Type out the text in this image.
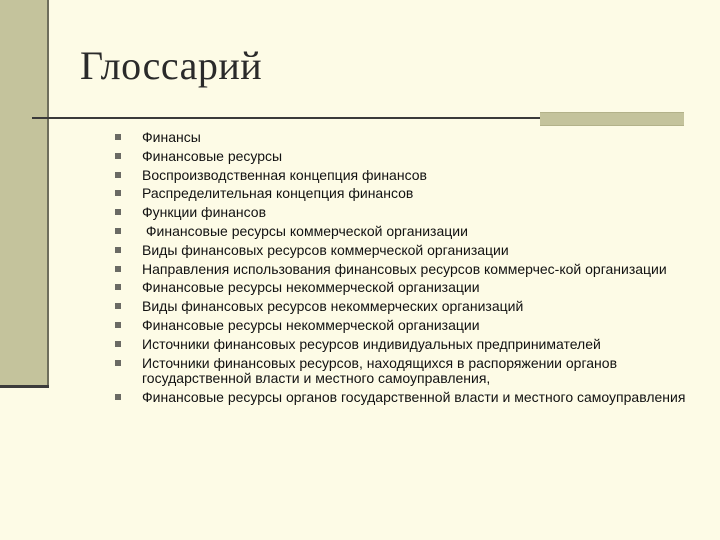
Глоссарий
Финансы
Финансовые ресурсы
Воспроизводственная концепция финансов
Распределительная концепция финансов
Функции финансов
Финансовые ресурсы коммерческой организации
Виды финансовых ресурсов коммерческой организации
Направления использования финансовых ресурсов коммерчес-кой организации
Финансовые ресурсы некоммерческой организации
Виды финансовых ресурсов некоммерческих организаций
Финансовые ресурсы некоммерческой организации
Источники финансовых ресурсов индивидуальных предпринимателей
Источники финансовых ресурсов, находящихся в распоряжении органов государственной власти и местного самоуправления,
Финансовые ресурсы органов государственной власти и местного самоуправления
